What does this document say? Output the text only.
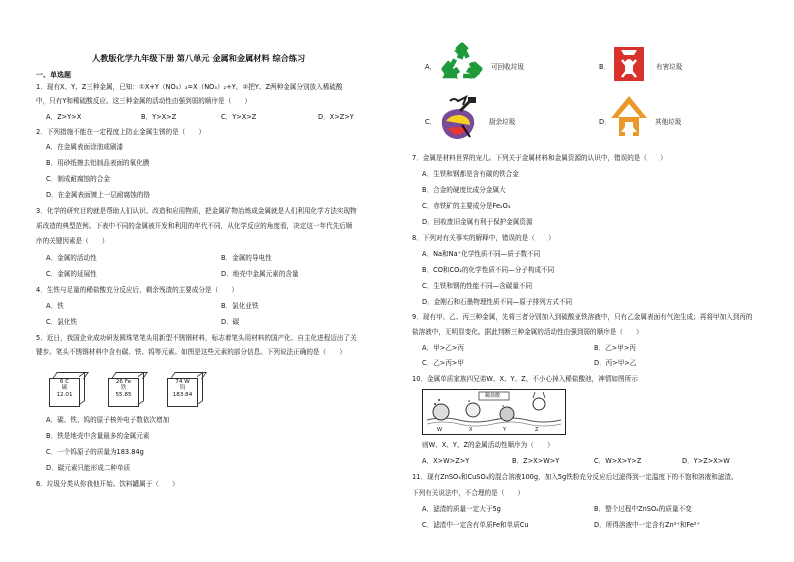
人教版化学九年级下册 第八单元 金属和金属材料 综合练习
一、单选题
1．现有X、Y、Z三种金属，已知：①X+Y（NO₃）₂=X（NO₃）₂+Y，②把Y、Z两种金属分别放入稀硫酸
中，只有Y和稀硫酸反应。这三种金属的活动性由强到弱的顺序是（　　）
A．Z>Y>X	B．Y>X>Z	C．Y>X>Z	D．X>Z>Y
2．下列措施不能在一定程度上防止金属生锈的是（　　）
A．在金属表面涂油或刷漆
B．用砂纸擦去铝制品表面的氧化膜
C．制成耐腐蚀的合金
D．在金属表面镀上一层耐腐蚀的铬
3．化学的研究目的就是帮助人们认识、改造和应用物质，把金属矿物冶炼成金属就是人们利用化学方法实现物
质改造的典型范例。下表中不同的金属被开发和利用的年代不同，从化学反应的角度看，决定这一年代先后顺
序的关键因素是（　　）
A．金属的活动性	B．金属的导电性
C．金属的延展性	D．地壳中金属元素的含量
4．生铁与足量的稀盐酸充分反应后，剩余残渣的主要成分是（　　）
A．铁	B．氯化亚铁
C．氯化铁	D．碳
5．近日，我国企业成功研发圆珠笔笔头用新型不锈钢材料，标志着笔头用材料的国产化、自主化进程迈出了关
键步。笔头不锈钢材料中含有碳、铁、钨等元素。如图是这些元素的部分信息。下列说法正确的是（　　）
6 C
碳
12.01
26 Fe
铁
55.85
74 W
钨
183.84
A．碳、铁、钨的原子核外电子数依次增加
B．铁是地壳中含量最多的金属元素
C．一个钨原子的质量为183.84g
D．碳元素只能形成二种单质
6．垃圾分类从你我他开始。饮料罐属于（　　）
A．	可回收垃圾	B．	有害垃圾
C．	厨余垃圾	D．	其他垃圾
7．金属是材料世界的宠儿。下列关于金属材料和金属资源的认识中，错误的是（　　）
A．生铁和钢都是含有碳的铁合金
B．合金的硬度比成分金属大
C．赤铁矿的主要成分是Fe₂O₃
D．回收废旧金属有利于保护金属资源
8．下列对有关事实的解释中，错误的是（　　）
A．Na和Na⁺化学性质不同—质子数不同
B．CO和CO₂的化学性质不同—分子构成不同
C．生铁和钢的性能不同—含碳量不同
D．金刚石和石墨物理性质不同—原子排列方式不同
9．现有甲、乙、丙三种金属，先将三者分别加入到硫酸亚铁溶液中，只有乙金属表面有气泡生成；再将甲加入到丙的
盐溶液中，无明显变化。据此判断三种金属的活动性由强到弱的顺序是（　　）
A．甲>乙>丙	B．乙>甲>丙
C．乙>丙>甲	D．丙>甲>乙
10．金属单质家族四兄弟W、X、Y、Z，不小心掉入稀盐酸池，神情如图所示
稀盐酸
W	X	Y	Z
则W、X、Y、Z的金属活动性顺序为（　　）
A．X>W>Z>Y	B．Z>X>W>Y	C．W>X>Y>Z	D．Y>Z>X>W
11．现有ZnSO₄和CuSO₄的混合溶液100g，加入5g铁粉充分反应后过滤得到一定温度下的不饱和溶液和滤渣。
下列有关说法中，不合理的是（　　）
A．滤渣的质量一定大于5g	B．整个过程中ZnSO₄的质量不变
C．滤渣中一定含有单质Fe和单质Cu	D．所得溶液中一定含有Zn²⁺和Fe²⁺
